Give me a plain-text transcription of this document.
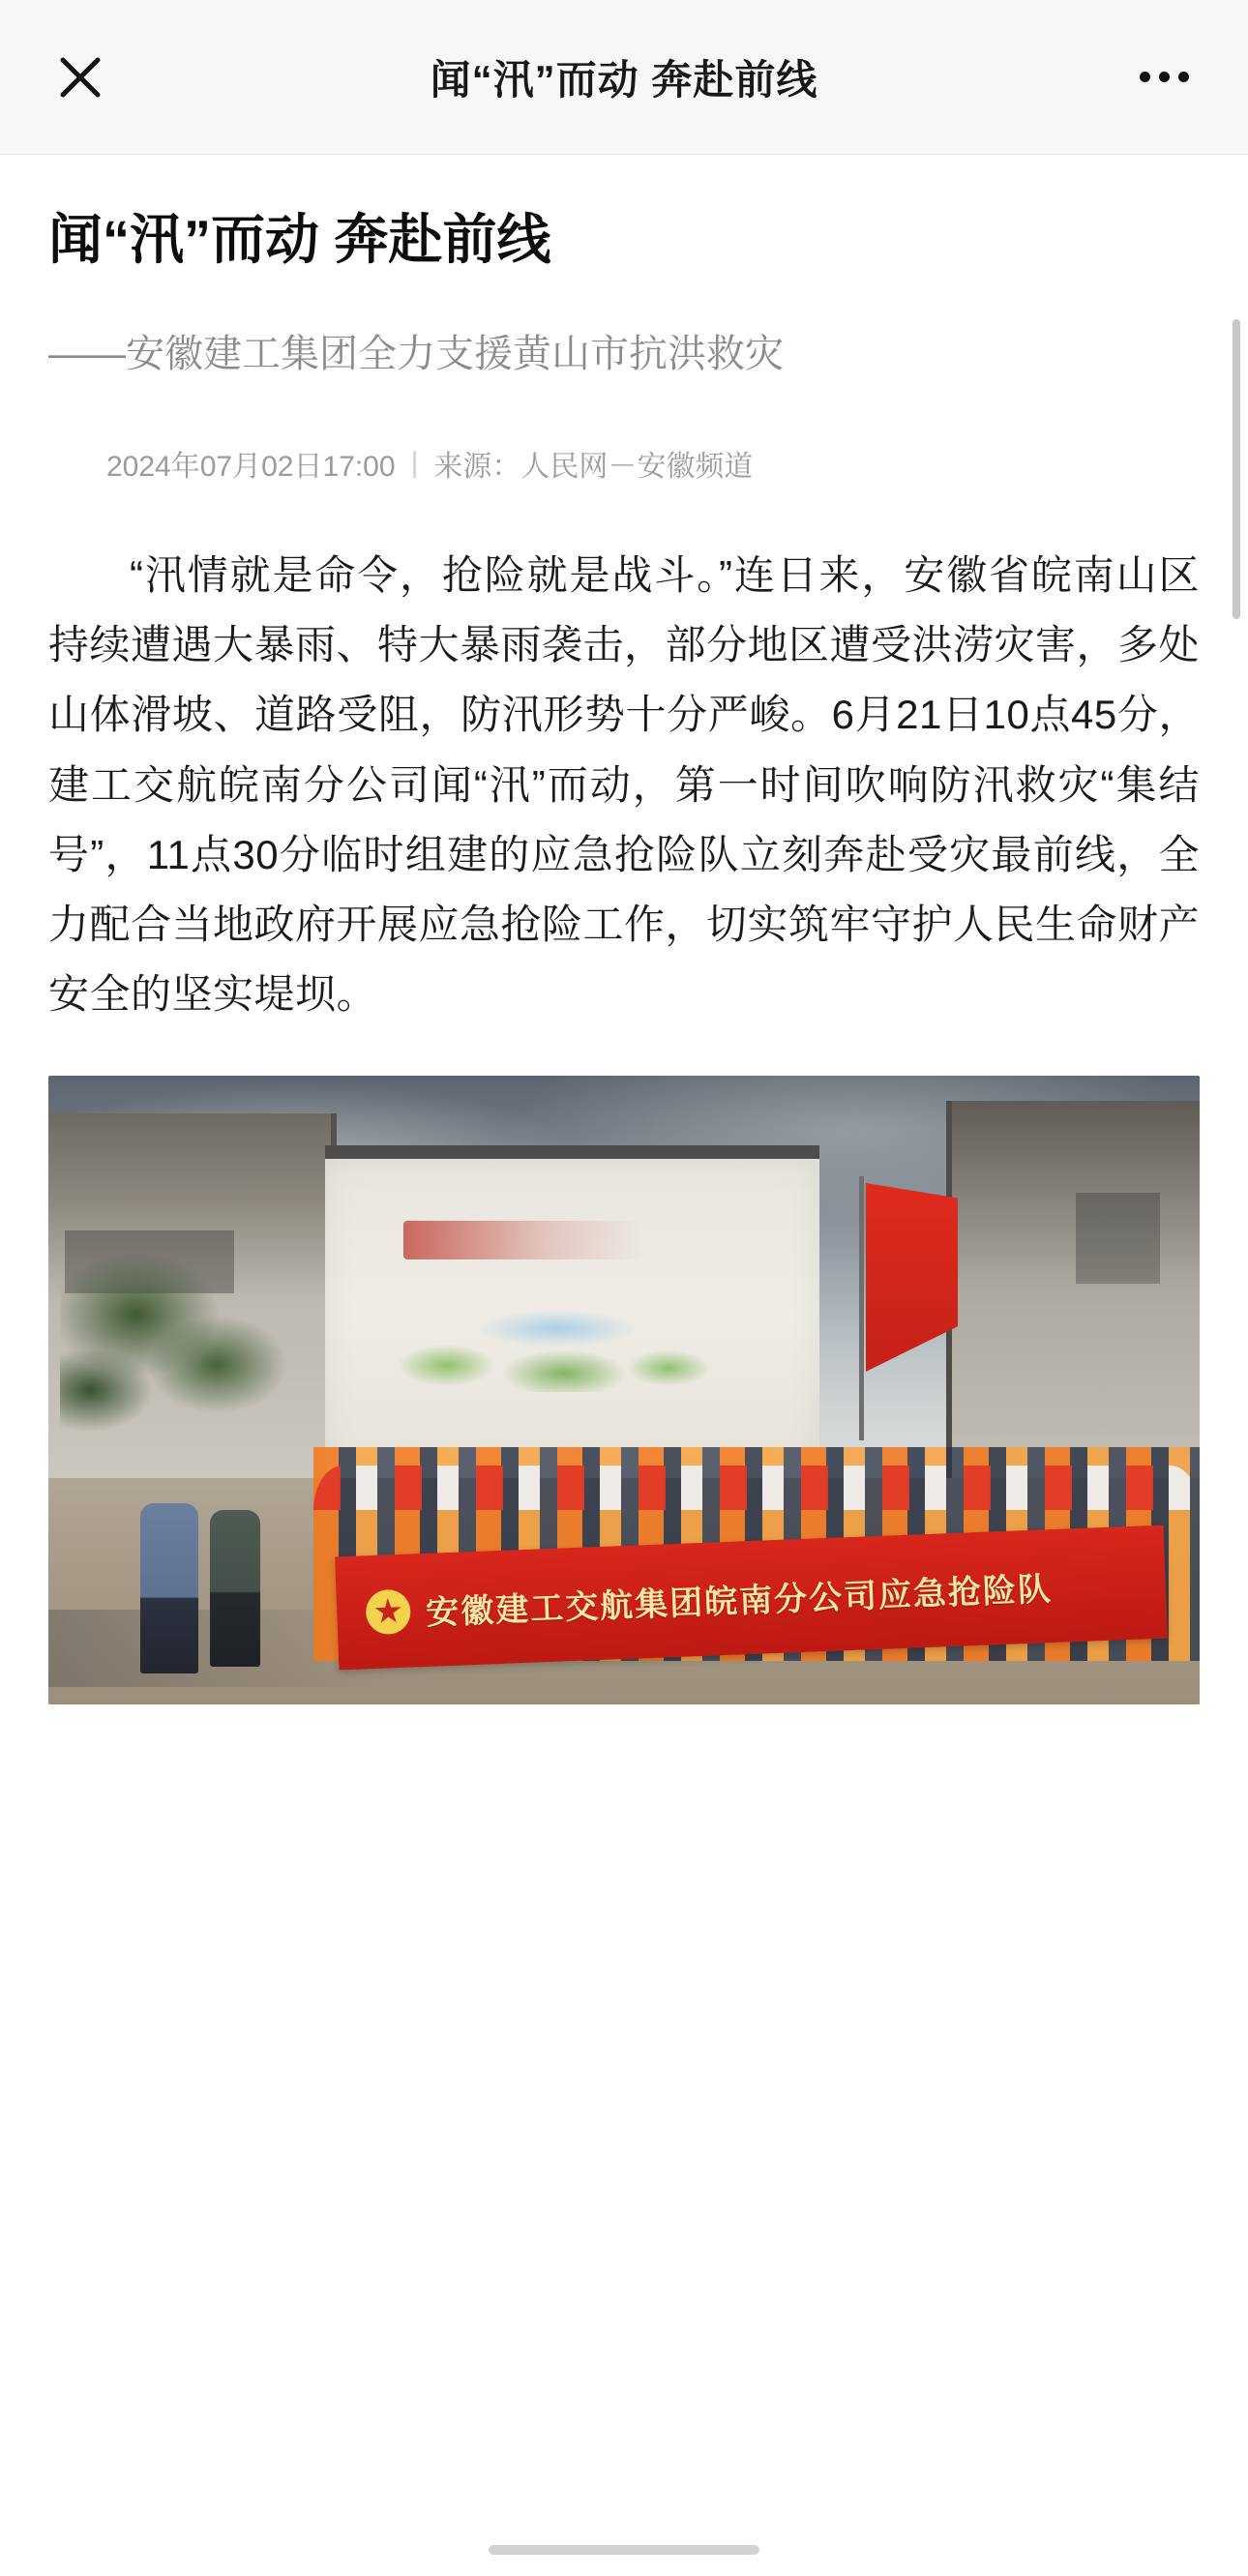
闻“汛”而动 奔赴前线
闻“汛”而动 奔赴前线
——安徽建工集团全力支援黄山市抗洪救灾
2024年07月02日17:00 | 来源： 人民网－安徽频道

“汛情就是命令，抢险就是战斗。”连日来，安徽省皖南山区持续遭遇大暴雨、特大暴雨袭击，部分地区遭受洪涝灾害，多处山体滑坡、道路受阻，防汛形势十分严峻。6月21日10点45分，建工交航皖南分公司闻“汛”而动，第一时间吹响防汛救灾“集结号”，11点30分临时组建的应急抢险队立刻奔赴受灾最前线，全力配合当地政府开展应急抢险工作，切实筑牢守护人民生命财产安全的坚实堤坝。

安徽建工交航集团皖南分公司应急抢险队
